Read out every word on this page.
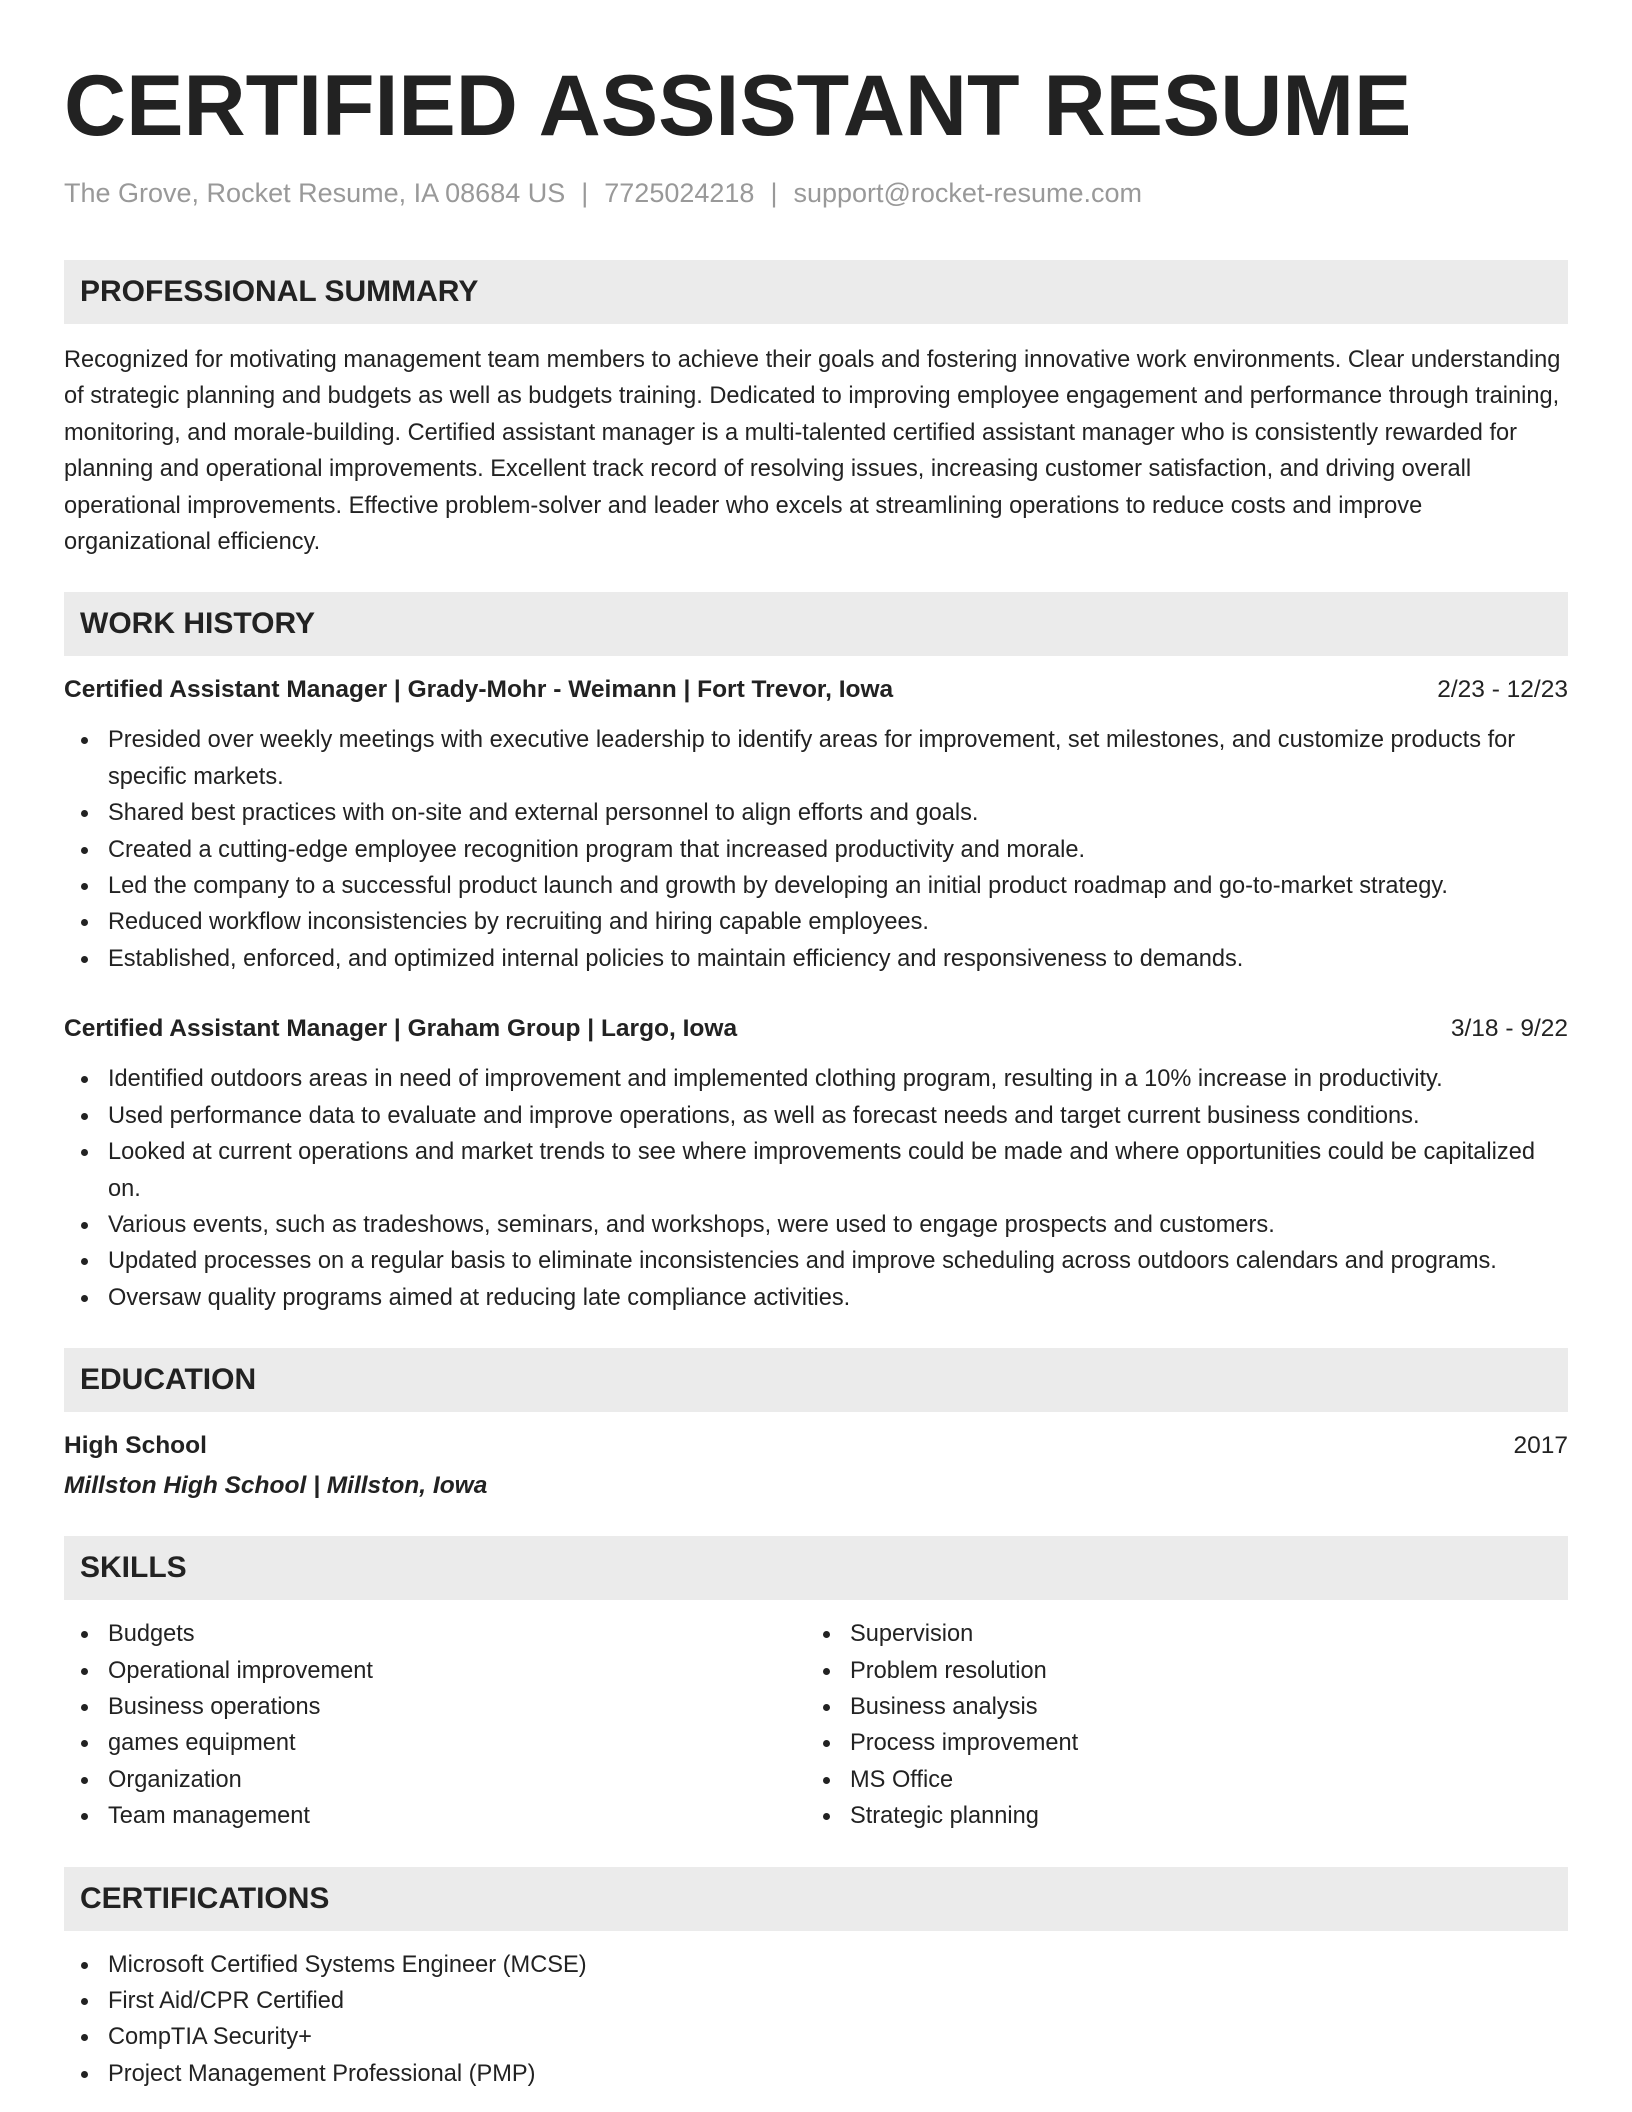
CERTIFIED ASSISTANT RESUME
The Grove, Rocket Resume, IA 08684 US | 7725024218 | support@rocket-resume.com
PROFESSIONAL SUMMARY
Recognized for motivating management team members to achieve their goals and fostering innovative work environments. Clear understanding of strategic planning and budgets as well as budgets training. Dedicated to improving employee engagement and performance through training, monitoring, and morale-building. Certified assistant manager is a multi-talented certified assistant manager who is consistently rewarded for planning and operational improvements. Excellent track record of resolving issues, increasing customer satisfaction, and driving overall operational improvements. Effective problem-solver and leader who excels at streamlining operations to reduce costs and improve organizational efficiency.
WORK HISTORY
Certified Assistant Manager | Grady-Mohr - Weimann | Fort Trevor, Iowa	2/23 - 12/23
Presided over weekly meetings with executive leadership to identify areas for improvement, set milestones, and customize products for specific markets.
Shared best practices with on-site and external personnel to align efforts and goals.
Created a cutting-edge employee recognition program that increased productivity and morale.
Led the company to a successful product launch and growth by developing an initial product roadmap and go-to-market strategy.
Reduced workflow inconsistencies by recruiting and hiring capable employees.
Established, enforced, and optimized internal policies to maintain efficiency and responsiveness to demands.
Certified Assistant Manager | Graham Group | Largo, Iowa	3/18 - 9/22
Identified outdoors areas in need of improvement and implemented clothing program, resulting in a 10% increase in productivity.
Used performance data to evaluate and improve operations, as well as forecast needs and target current business conditions.
Looked at current operations and market trends to see where improvements could be made and where opportunities could be capitalized on.
Various events, such as tradeshows, seminars, and workshops, were used to engage prospects and customers.
Updated processes on a regular basis to eliminate inconsistencies and improve scheduling across outdoors calendars and programs.
Oversaw quality programs aimed at reducing late compliance activities.
EDUCATION
High School	2017
Millston High School | Millston, Iowa
SKILLS
Budgets
Operational improvement
Business operations
games equipment
Organization
Team management
Supervision
Problem resolution
Business analysis
Process improvement
MS Office
Strategic planning
CERTIFICATIONS
Microsoft Certified Systems Engineer (MCSE)
First Aid/CPR Certified
CompTIA Security+
Project Management Professional (PMP)
